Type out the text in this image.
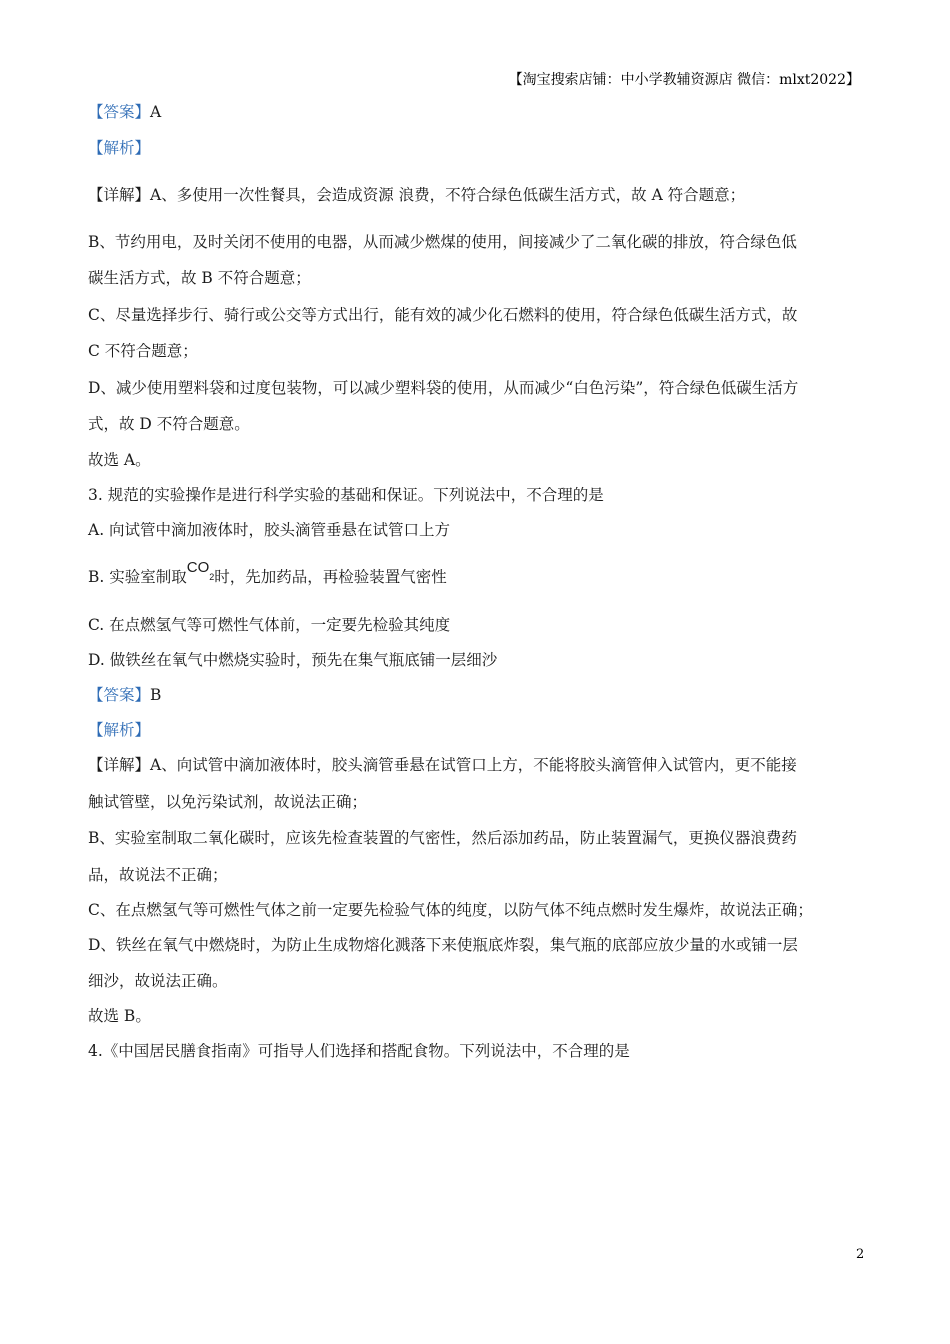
【淘宝搜索店铺：中小学教辅资源店 微信：mlxt2022】
【答案】A
【解析】
【详解】A、多使用一次性餐具，会造成资源 浪费，不符合绿色低碳生活方式，故 A 符合题意；
B、节约用电，及时关闭不使用的电器，从而减少燃煤的使用，间接减少了二氧化碳的排放，符合绿色低
碳生活方式，故 B 不符合题意；
C、尽量选择步行、骑行或公交等方式出行，能有效的减少化石燃料的使用，符合绿色低碳生活方式，故
C 不符合题意；
D、减少使用塑料袋和过度包装物，可以减少塑料袋的使用，从而减少“白色污染”，符合绿色低碳生活方
式，故 D 不符合题意。
故选 A。
3. 规范的实验操作是进行科学实验的基础和保证。下列说法中，不合理的是
A. 向试管中滴加液体时，胶头滴管垂悬在试管口上方
B. 实验室制取$CO_2$时，先加药品，再检验装置气密性
C. 在点燃氢气等可燃性气体前，一定要先检验其纯度
D. 做铁丝在氧气中燃烧实验时，预先在集气瓶底铺一层细沙
【答案】B
【解析】
【详解】A、向试管中滴加液体时，胶头滴管垂悬在试管口上方，不能将胶头滴管伸入试管内，更不能接
触试管壁，以免污染试剂，故说法正确；
B、实验室制取二氧化碳时，应该先检查装置的气密性，然后添加药品，防止装置漏气，更换仪器浪费药
品，故说法不正确；
C、在点燃氢气等可燃性气体之前一定要先检验气体的纯度，以防气体不纯点燃时发生爆炸，故说法正确；
D、铁丝在氧气中燃烧时，为防止生成物熔化溅落下来使瓶底炸裂，集气瓶的底部应放少量的水或铺一层
细沙，故说法正确。
故选 B。
4.《中国居民膳食指南》可指导人们选择和搭配食物。下列说法中，不合理的是
2
